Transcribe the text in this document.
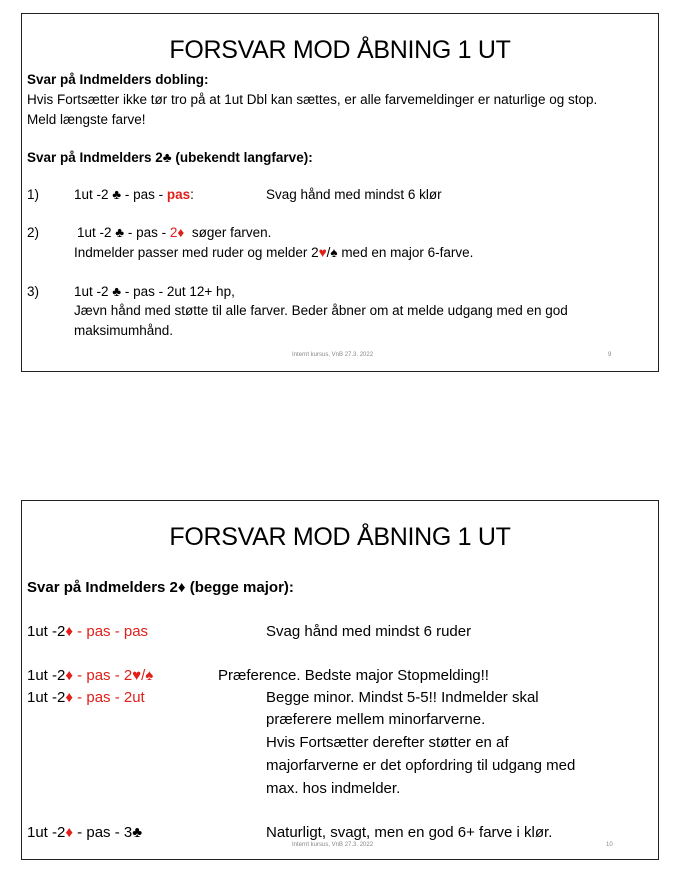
FORSVAR MOD ÅBNING 1 UT
Svar på Indmelders dobling:
Hvis Fortsætter ikke tør tro på at 1ut Dbl kan sættes, er alle farvemeldinger er naturlige og stop.
Meld længste farve!
Svar på Indmelders 2♣ (ubekendt langfarve):
1)	1ut -2 ♣ - pas - pas:	Svag hånd med mindst 6 klør
2)	1ut -2 ♣ - pas - 2♦ søger farven.
Indmelder passer med ruder og melder 2♥/♠ med en major 6-farve.
3)	1ut -2 ♣ - pas - 2ut 12+ hp,
Jævn hånd med støtte til alle farver. Beder åbner om at melde udgang med en god
maksimumhånd.
Internt kursus, VnB 27.3. 2022	9
FORSVAR MOD ÅBNING 1 UT
Svar på Indmelders 2♦ (begge major):
1ut -2♦ - pas - pas	Svag hånd med mindst 6 ruder
1ut -2♦ - pas - 2♥/♠	Præference. Bedste major Stopmelding!!
1ut -2♦ - pas - 2ut	Begge minor. Mindst 5-5!! Indmelder skal
præferere mellem minorfarverne.
Hvis Fortsætter derefter støtter en af
majorfarverne er det opfordring til udgang med
max. hos indmelder.
1ut -2♦ - pas - 3♣	Naturligt, svagt, men en god 6+ farve i klør.
Internt kursus, VnB 27.3. 2022	10
